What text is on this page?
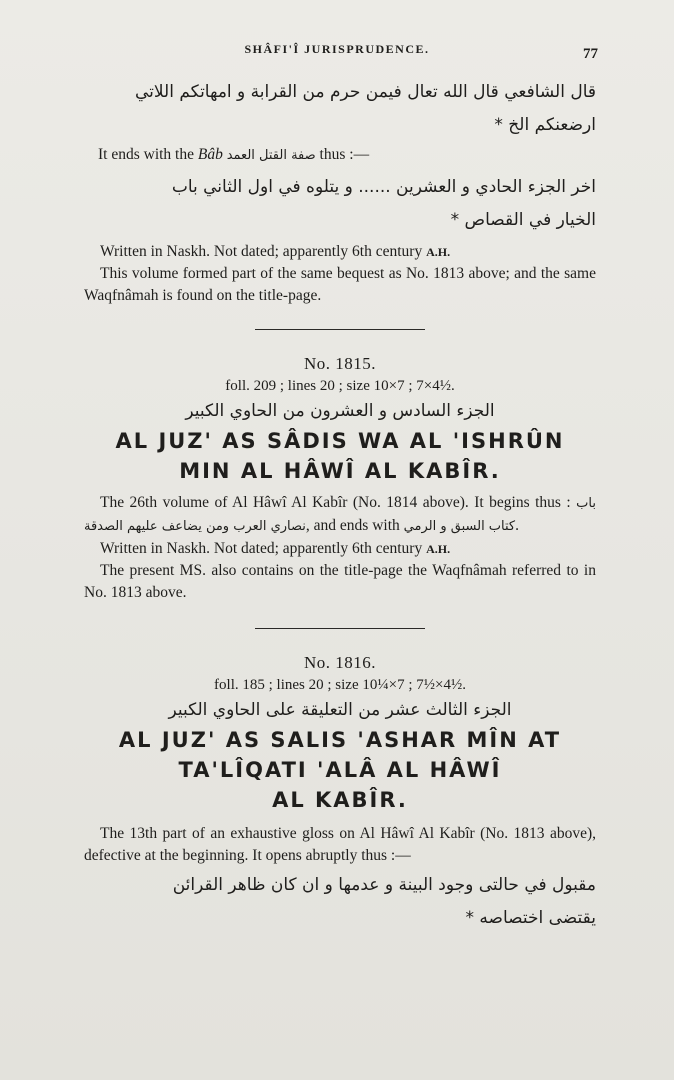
SHÂFI'Î JURISPRUDENCE.	77

قال الشافعي قال الله تعال فيمن حرم من القرابة و امهاتكم اللاتي

ارضعنكم الخ *

It ends with the Bâb صفة القتل العمد thus :—

اخر الجزء الحادي و العشرين ...... و يتلوه في اول الثاني باب

الخيار في القصاص *

Written in Naskh. Not dated; apparently 6th century A.H.

This volume formed part of the same bequest as No. 1813 above; and the same Waqfnâmah is found on the title-page.

No. 1815.

foll. 209 ; lines 20 ; size 10×7 ; 7×4½.

الجزء السادس و العشرون من الحاوي الكبير

AL JUZ' AS SÂDIS WA AL 'ISHRÛN

MIN AL HÂWÎ AL KABÎR.

The 26th volume of Al Hâwî Al Kabîr (No. 1814 above). It begins thus : باب نصاري العرب ومن يضاعف عليهم الصدقة, and ends with كتاب السبق و الرمي.

Written in Naskh. Not dated; apparently 6th century A.H.

The present MS. also contains on the title-page the Waqfnâmah referred to in No. 1813 above.

No. 1816.

foll. 185 ; lines 20 ; size 10¼×7 ; 7½×4½.

الجزء الثالث عشر من التعليقة على الحاوي الكبير

AL JUZ' AS SALIS 'ASHAR MÎN AT

TA'LÎQATI 'ALÂ AL HÂWÎ

AL KABÎR.

The 13th part of an exhaustive gloss on Al Hâwî Al Kabîr (No. 1813 above), defective at the beginning. It opens abruptly thus :—

مقبول في حالتى وجود البينة و عدمها و ان كان ظاهر القرائن

يقتضى اختصاصه *
